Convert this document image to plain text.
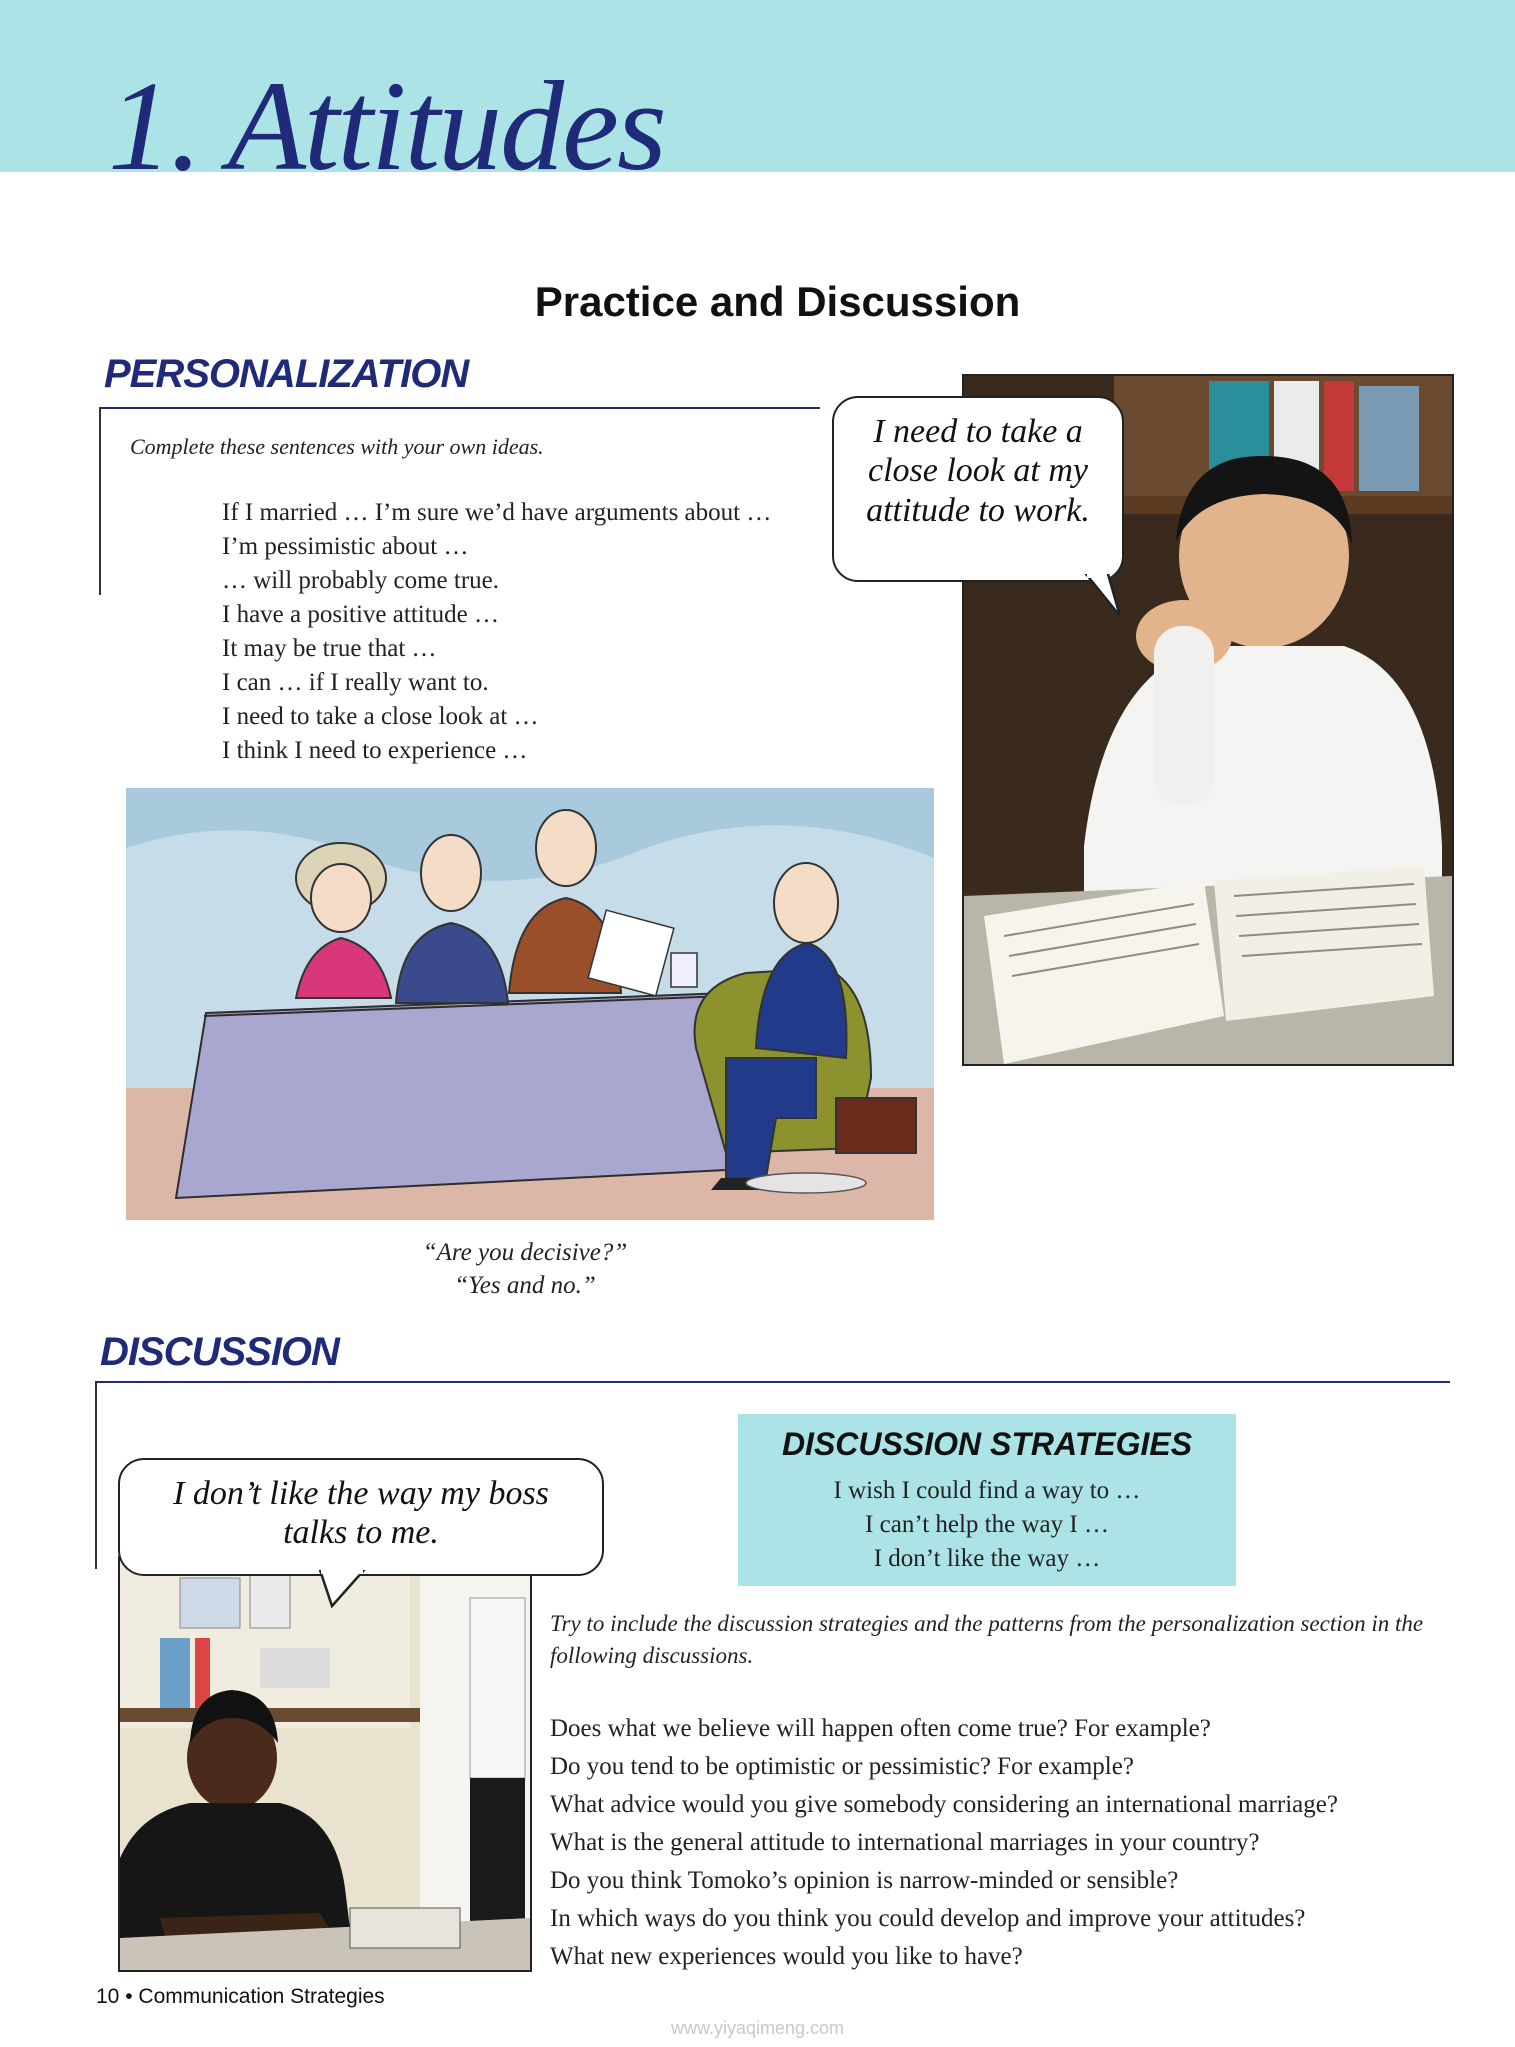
1. Attitudes
Practice and Discussion
PERSONALIZATION
Complete these sentences with your own ideas.
If I married … I’m sure we’d have arguments about …
I’m pessimistic about …
… will probably come true.
I have a positive attitude …
It may be true that …
I can … if I really want to.
I need to take a close look at …
I think I need to experience …
I need to take a close look at my attitude to work.
“Are you decisive?”
“Yes and no.”
DISCUSSION
DISCUSSION STRATEGIES
I wish I could find a way to …
I can’t help the way I …
I don’t like the way …
I don’t like the way my boss talks to me.
Try to include the discussion strategies and the patterns from the personalization section in the following discussions.
Does what we believe will happen often come true? For example?
Do you tend to be optimistic or pessimistic? For example?
What advice would you give somebody considering an international marriage?
What is the general attitude to international marriages in your country?
Do you think Tomoko’s opinion is narrow-minded or sensible?
In which ways do you think you could develop and improve your attitudes?
What new experiences would you like to have?
10 • Communication Strategies
www.yiyaqimeng.com
